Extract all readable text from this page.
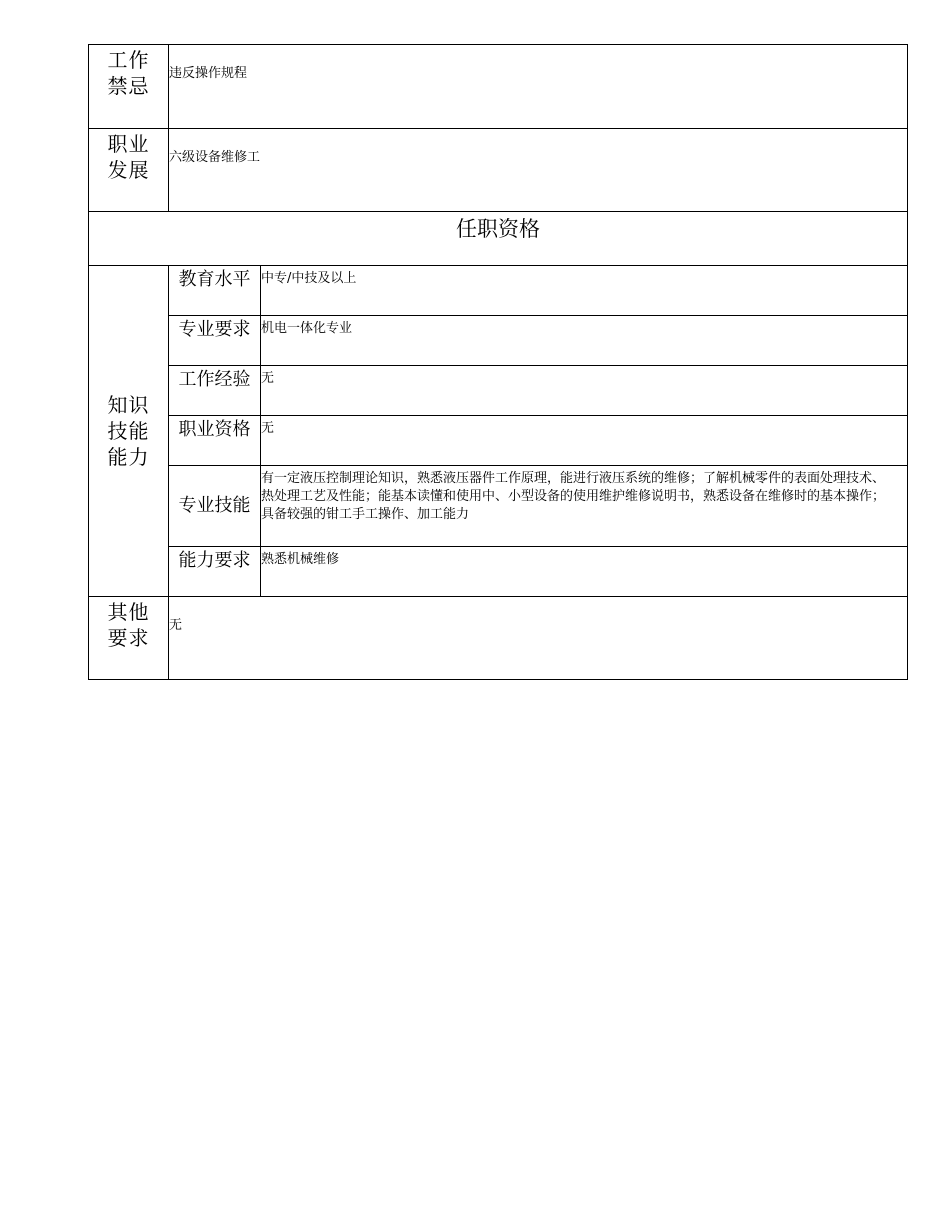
工作
禁忌	违反操作规程	
职业
发展	六级设备维修工	
任职资格		
知识
技能
能力	教育水平	中专/中技及以上
	专业要求	机电一体化专业
	工作经验	无
	职业资格	无
	专业技能	有一定液压控制理论知识，熟悉液压器件工作原理，能进行液压系统的维修；了解机械零件的表面处理技术、热处理工艺及性能；能基本读懂和使用中、小型设备的使用维护维修说明书，熟悉设备在维修时的基本操作；具备较强的钳工手工操作、加工能力
	能力要求	熟悉机械维修
其他
要求	无	
